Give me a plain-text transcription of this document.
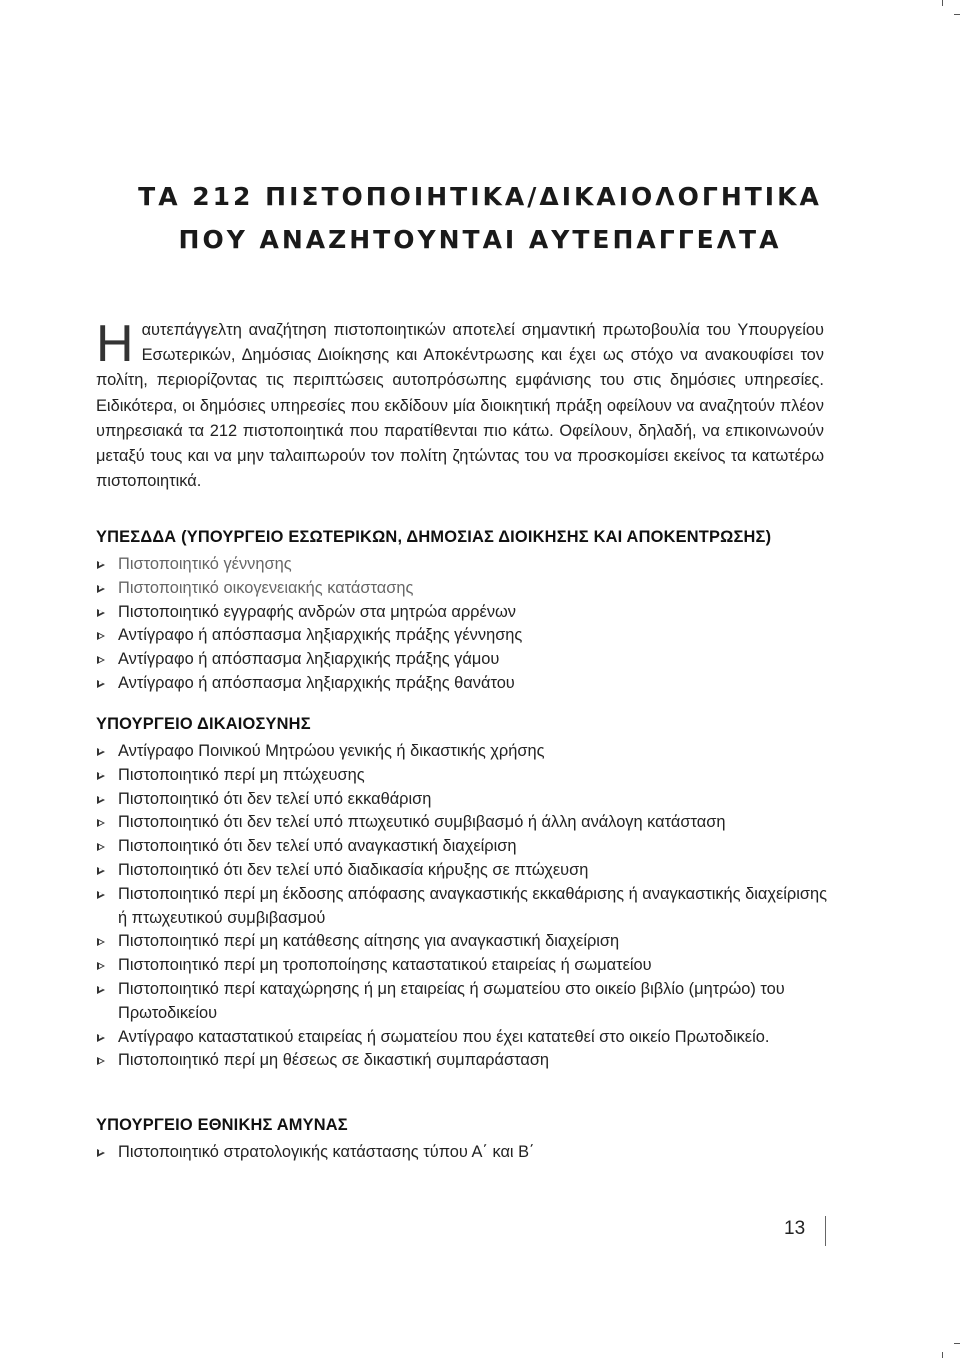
ΤΑ 212 ΠΙΣΤΟΠΟΙΗΤΙΚΑ/ΔΙΚΑΙΟΛΟΓΗΤΙΚΑ
ΠΟΥ ΑΝΑΖΗΤΟΥΝΤΑΙ ΑΥΤΕΠΑΓΓΕΛΤΑ
Ηαυτεπάγγελτη αναζήτηση πιστοποιητικών αποτελεί σημαντική πρωτοβουλία του Υπουργείου Εσωτερικών, Δημόσιας Διοίκησης και Αποκέντρωσης και έχει ως στόχο να ανακουφίσει τον πολίτη, περιορίζοντας τις περιπτώσεις αυτοπρόσωπης εμφάνισης του στις δημόσιες υπηρεσίες. Ειδικότερα, οι δημόσιες υπηρεσίες που εκδίδουν μία διοικητική πράξη οφείλουν να αναζητούν πλέον υπηρεσιακά τα 212 πιστοποιητικά που παρατίθενται πιο κάτω. Οφείλουν, δηλαδή, να επικοινωνούν μεταξύ τους και να μην ταλαιπωρούν τον πολίτη ζητώντας του να προσκομίσει εκείνος τα κατωτέρω πιστοποιητικά.
ΥΠΕΣΔΔΑ (ΥΠΟΥΡΓΕΙΟ ΕΣΩΤΕΡΙΚΩΝ, ΔΗΜΟΣΙΑΣ ΔΙΟΙΚΗΣΗΣ ΚΑΙ ΑΠΟΚΕΝΤΡΩΣΗΣ)
Πιστοποιητικό γέννησης
Πιστοποιητικό οικογενειακής κατάστασης
Πιστοποιητικό εγγραφής ανδρών στα μητρώα αρρένων
Αντίγραφο ή απόσπασμα ληξιαρχικής πράξης γέννησης
Αντίγραφο ή απόσπασμα ληξιαρχικής πράξης γάμου
Αντίγραφο ή απόσπασμα ληξιαρχικής πράξης θανάτου
ΥΠΟΥΡΓΕΙΟ ΔΙΚΑΙΟΣΥΝΗΣ
Αντίγραφο Ποινικού Μητρώου γενικής ή δικαστικής χρήσης
Πιστοποιητικό περί μη πτώχευσης
Πιστοποιητικό ότι δεν τελεί υπό εκκαθάριση
Πιστοποιητικό ότι δεν τελεί υπό πτωχευτικό συμβιβασμό ή άλλη ανάλογη κατάσταση
Πιστοποιητικό ότι δεν τελεί υπό αναγκαστική διαχείριση
Πιστοποιητικό ότι δεν τελεί υπό διαδικασία κήρυξης σε πτώχευση
Πιστοποιητικό περί μη έκδοσης απόφασης αναγκαστικής εκκαθάρισης ή αναγκαστικής διαχείρισης ή πτωχευτικού συμβιβασμού
Πιστοποιητικό περί μη κατάθεσης αίτησης για αναγκαστική διαχείριση
Πιστοποιητικό περί μη τροποποίησης καταστατικού εταιρείας ή σωματείου
Πιστοποιητικό περί καταχώρησης ή μη εταιρείας ή σωματείου στο οικείο βιβλίο (μητρώο) του Πρωτοδικείου
Αντίγραφο καταστατικού εταιρείας ή σωματείου που έχει κατατεθεί στο οικείο Πρωτοδικείο.
Πιστοποιητικό περί μη θέσεως σε δικαστική συμπαράσταση
ΥΠΟΥΡΓΕΙΟ ΕΘΝΙΚΗΣ ΑΜΥΝΑΣ
Πιστοποιητικό στρατολογικής κατάστασης τύπου Α΄ και Β΄
13
